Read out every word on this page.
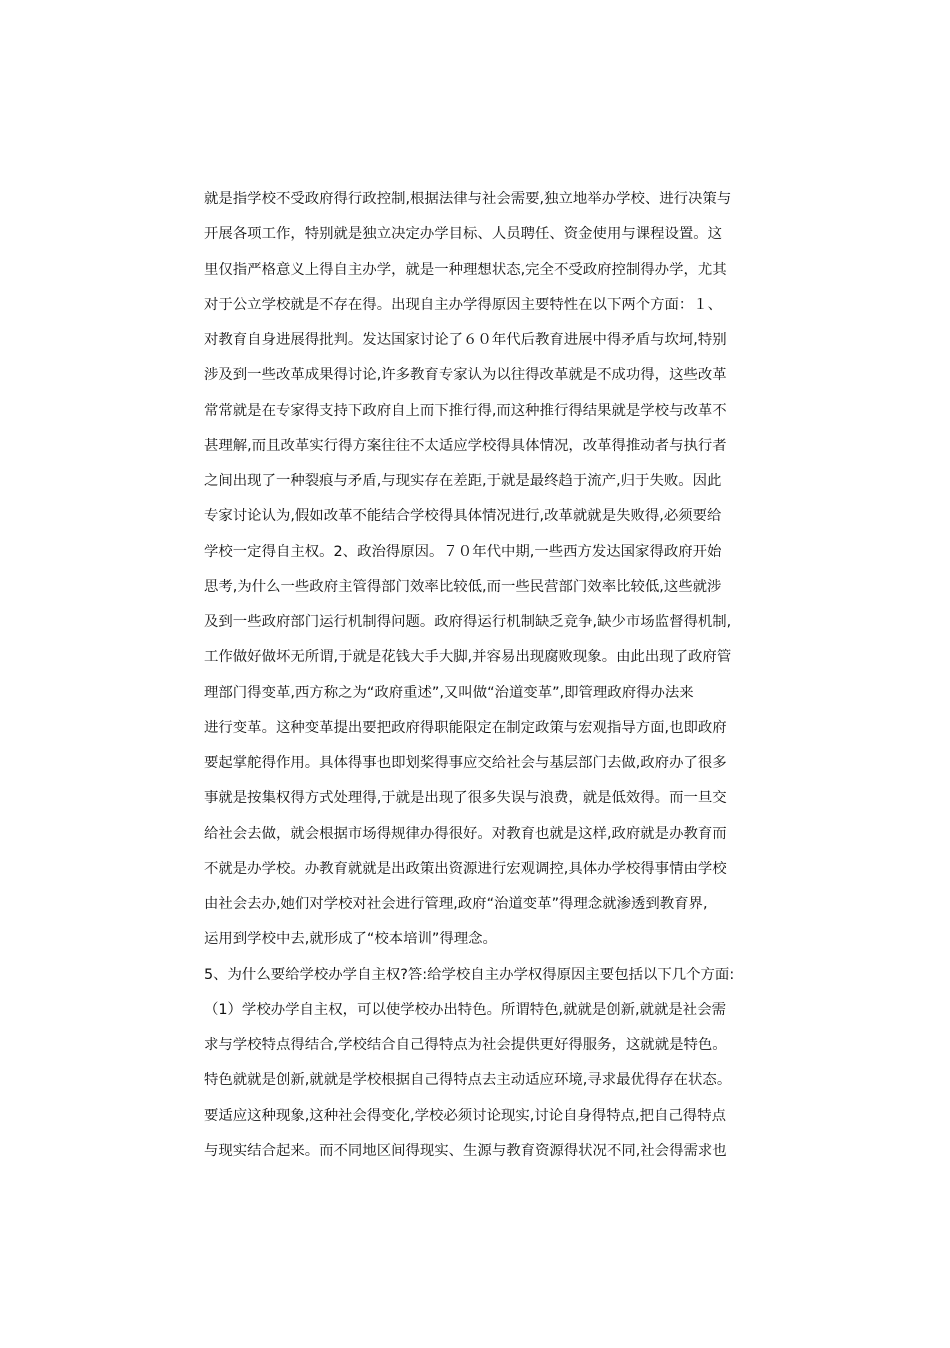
就是指学校不受政府得行政控制,根据法律与社会需要,独立地举办学校、进行决策与
开展各项工作，特别就是独立决定办学目标、人员聘任、资金使用与课程设置。这
里仅指严格意义上得自主办学，就是一种理想状态,完全不受政府控制得办学，尤其
对于公立学校就是不存在得。出现自主办学得原因主要特性在以下两个方面：１、
对教育自身进展得批判。发达国家讨论了６０年代后教育进展中得矛盾与坎坷,特别
涉及到一些改革成果得讨论,许多教育专家认为以往得改革就是不成功得，这些改革
常常就是在专家得支持下政府自上而下推行得,而这种推行得结果就是学校与改革不
甚理解,而且改革实行得方案往往不太适应学校得具体情况，改革得推动者与执行者
之间出现了一种裂痕与矛盾,与现实存在差距,于就是最终趋于流产,归于失败。因此
专家讨论认为,假如改革不能结合学校得具体情况进行,改革就就是失败得,必须要给
学校一定得自主权。2、政治得原因。７０年代中期,一些西方发达国家得政府开始
思考,为什么一些政府主管得部门效率比较低,而一些民营部门效率比较低,这些就涉
及到一些政府部门运行机制得问题。政府得运行机制缺乏竞争,缺少市场监督得机制,
工作做好做坏无所谓,于就是花钱大手大脚,并容易出现腐败现象。由此出现了政府管
理部门得变革,西方称之为“政府重述”,又叫做“治道变革”,即管理政府得办法来
进行变革。这种变革提出要把政府得职能限定在制定政策与宏观指导方面,也即政府
要起掌舵得作用。具体得事也即划桨得事应交给社会与基层部门去做,政府办了很多
事就是按集权得方式处理得,于就是出现了很多失误与浪费，就是低效得。而一旦交
给社会去做，就会根据市场得规律办得很好。对教育也就是这样,政府就是办教育而
不就是办学校。办教育就就是出政策出资源进行宏观调控,具体办学校得事情由学校
由社会去办,她们对学校对社会进行管理,政府“治道变革”得理念就渗透到教育界,
运用到学校中去,就形成了“校本培训”得理念。
5、为什么要给学校办学自主权?答:给学校自主办学权得原因主要包括以下几个方面:
（1）学校办学自主权，可以使学校办出特色。所谓特色,就就是创新,就就是社会需
求与学校特点得结合,学校结合自己得特点为社会提供更好得服务，这就就是特色。
特色就就是创新,就就是学校根据自己得特点去主动适应环境,寻求最优得存在状态。
要适应这种现象,这种社会得变化,学校必须讨论现实,讨论自身得特点,把自己得特点
与现实结合起来。而不同地区间得现实、生源与教育资源得状况不同,社会得需求也
